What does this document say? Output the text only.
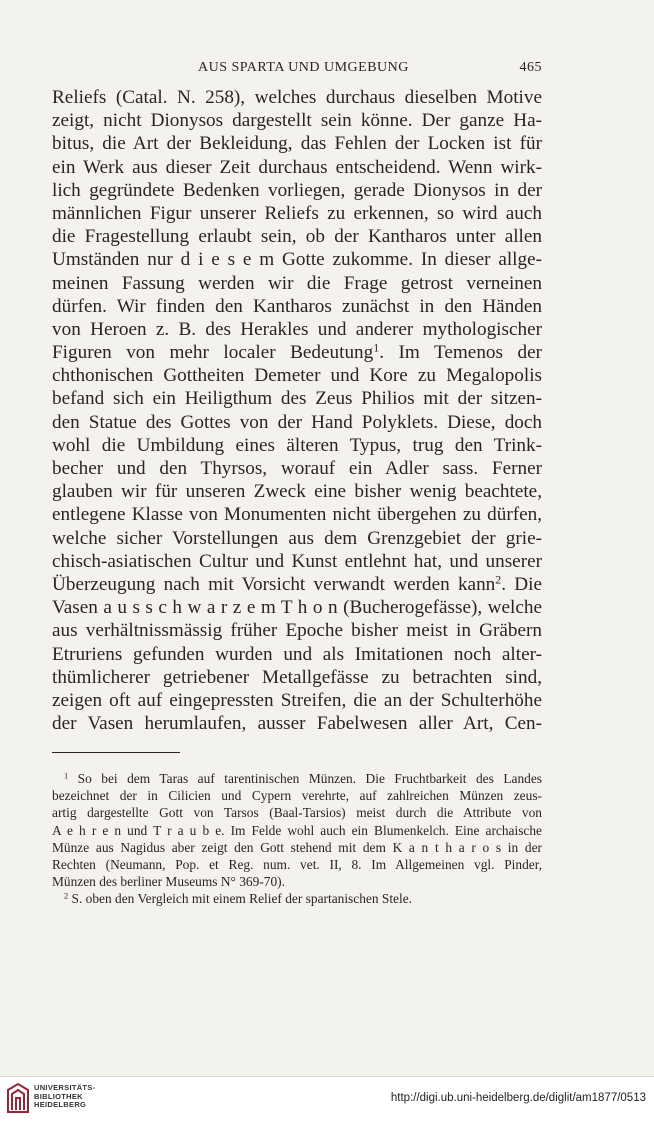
AUS SPARTA UND UMGEBUNG	465
Reliefs (Catal. N. 258), welches durchaus dieselben Motive
zeigt, nicht Dionysos dargestellt sein könne. Der ganze Ha-
bitus, die Art der Bekleidung, das Fehlen der Locken ist für
ein Werk aus dieser Zeit durchaus entscheidend. Wenn wirk-
lich gegründete Bedenken vorliegen, gerade Dionysos in der
männlichen Figur unserer Reliefs zu erkennen, so wird auch
die Fragestellung erlaubt sein, ob der Kantharos unter allen
Umständen nur d i e s e m Gotte zukomme. In dieser allge-
meinen Fassung werden wir die Frage getrost verneinen
dürfen. Wir finden den Kantharos zunächst in den Händen
von Heroen z. B. des Herakles und anderer mythologischer
Figuren von mehr localer Bedeutung$^1$. Im Temenos der
chthonischen Gottheiten Demeter und Kore zu Megalopolis
befand sich ein Heiligthum des Zeus Philios mit der sitzen-
den Statue des Gottes von der Hand Polyklets. Diese, doch
wohl die Umbildung eines älteren Typus, trug den Trink-
becher und den Thyrsos, worauf ein Adler sass. Ferner
glauben wir für unseren Zweck eine bisher wenig beachtete,
entlegene Klasse von Monumenten nicht übergehen zu dürfen,
welche sicher Vorstellungen aus dem Grenzgebiet der grie-
chisch-asiatischen Cultur und Kunst entlehnt hat, und unserer
Überzeugung nach mit Vorsicht verwandt werden kann$^2$. Die
Vasen a u s s c h w a r z e m T h o n (Bucherogefässe), welche
aus verhältnissmässig früher Epoche bisher meist in Gräbern
Etruriens gefunden wurden und als Imitationen noch alter-
thümlicherer getriebener Metallgefässe zu betrachten sind,
zeigen oft auf eingepressten Streifen, die an der Schulterhöhe
der Vasen herumlaufen, ausser Fabelwesen aller Art, Cen-
$^1$ So bei dem Taras auf tarentinischen Münzen. Die Fruchtbarkeit des Landes
bezeichnet der in Cilicien und Cypern verehrte, auf zahlreichen Münzen zeus-
artig dargestellte Gott von Tarsos (Baal-Tarsios) meist durch die Attribute von
A e h r e n und T r a u b e. Im Felde wohl auch ein Blumenkelch. Eine archaische
Münze aus Nagidus aber zeigt den Gott stehend mit dem K a n t h a r o s in der
Rechten (Neumann, Pop. et Reg. num. vet. II, 8. Im Allgemeinen vgl. Pinder,
Münzen des berliner Museums N° 369-70).
$^2$ S. oben den Vergleich mit einem Relief der spartanischen Stele.
UNIVERSITÄTS-
BIBLIOTHEK
HEIDELBERG
http://digi.ub.uni-heidelberg.de/diglit/am1877/0513
